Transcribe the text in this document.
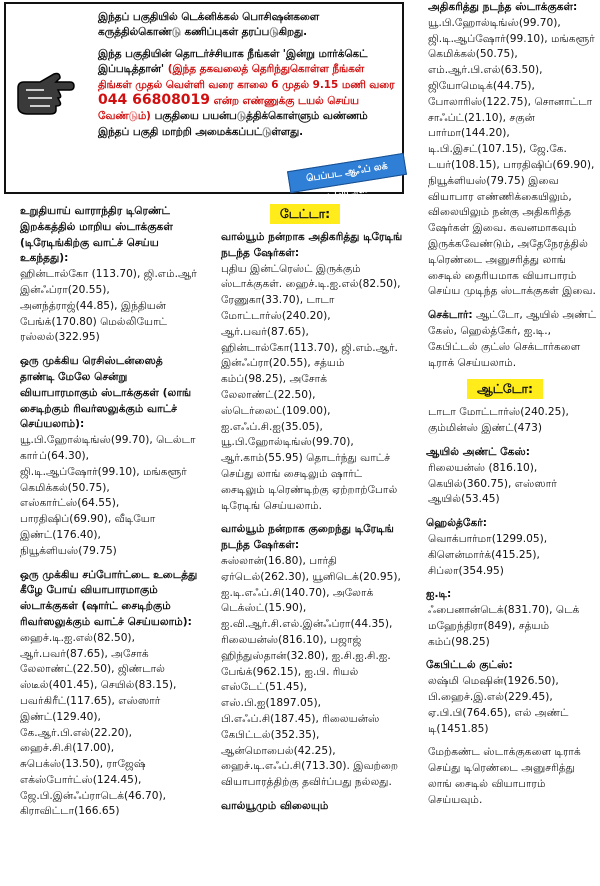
இந்தப் பகுதியில் டெக்னிக்கல் பொசிஷன்களை கருத்தில்கொண்டு கணிப்புகள் தரப்படுகிறது.

இந்த பகுதியின் தொடர்ச்சியாக நீங்கள் 'இன்று மார்க்கெட் இப்படித்தான்' (இந்த தகவலைத் தெரிந்துகொள்ள நீங்கள் திங்கள் முதல் வெள்ளி வரை காலை 6 முதல் 9.15 மணி வரை 044 66808019 என்ற எண்ணுக்கு டயல் செய்ய வேண்டும்) பகுதியை பயன்படுத்திக்கொள்ளும் வண்ணம் இந்தப் பகுதி மாற்றி அமைக்கப்பட்டுள்ளது.

பெப்பட ஆஃப் லக் டிரேடர்ஸ்!
உறுதியாய் வாராந்திர டிரெண்ட் இறக்கத்தில் மாறிய ஸ்டாக்குகள் (டிரேடிங்கிற்கு வாட்ச் செய்ய உகந்தது):
ஹின்டால்கோ (113.70), ஜி.எம்.ஆர் இன்ஃப்ரா(20.55), அனந்த்ராஜ்(44.85), இந்தியன் பேங்க்(170.80) மெல்லியோட் ரஸ்லல்(322.95)
ஒரு முக்கிய ரெசிஸ்டன்ஸைத் தாண்டி மேலே சென்று வியாபாரமாகும் ஸ்டாக்குகள் (லாங் சைடிற்கும் ரிவர்ஸலுக்கும் வாட்ச் செய்யலாம்):
யூ.பி.ஹோல்டிங்ஸ்(99.70), டெல்டா காா்ப்(64.30), ஜி.டி.ஆப்ஷோர்(99.10), மங்களூர் கெமிக்கல்(50.75), எஸ்கார்ட்ஸ்(64.55), பாரதிஷிப்(69.90), வீடியோ இண்ட்(176.40), நியூக்ளியஸ்(79.75)
ஒரு முக்கிய சப்போர்ட்டை உடைத்து கீழே போய் வியாபாரமாகும் ஸ்டாக்குகள் (ஷார்ட் சைடிற்கும் ரிவர்ஸலுக்கும் வாட்ச் செய்யலாம்):
ஹைச்.டி.ஐ.எல்(82.50), ஆர்.பவர்(87.65), அசோக் லேலாண்ட்(22.50), ஜிண்டால் ஸ்டீல்(401.45), செயில்(83.15), பவர்கிரீட்(117.65), எஸ்ஸார் இண்ட்(129.40), கே.ஆர்.பி.எல்(22.20), ஹைச்.சி.சி(17.00), சுபெக்ஸ்(13.50), ராஜேஷ் எக்ஸ்போர்ட்ஸ்(124.45), ஜே.பி.இன்ஃப்ராடெக்(46.70), கிராவிட்டா(166.65)
டேட்டா:
வால்யூம் நன்றாக அதிகரித்து டிரேடிங் நடந்த ஷேர்கள்:
புதிய இன்ட்ரெஸ்ட் இருக்கும் ஸ்டாக்குகள். ஹைச்.டி.ஐ.எல்(82.50), ரேணுகா(33.70), டாடா மோட்டார்ஸ்(240.20), ஆர்.பவர்(87.65), ஹின்டால்கோ(113.70), ஜி.எம்.ஆர். இன்ஃப்ரா(20.55), சத்யம் கம்ப்(98.25), அசோக் லேலாண்ட்(22.50), ஸ்டெர்லைட்(109.00), ஐ.எஃப்.சி.ஐ(35.05), யூ.பி.ஹோல்டிங்ஸ்(99.70), ஆர்.காம்(55.95) தொடர்ந்து வாட்ச் செய்து லாங் சைடிலும் ஷார்ட் சைடிலும் டிரெண்டிற்கு ஏற்றாற்போல் டிரேடிங் செய்யலாம்.
வால்யூம் நன்றாக குறைந்து டிரேடிங் நடந்த ஷேர்கள்:
சுஸ்லான்(16.80), பார்தி ஏர்டெல்(262.30), யூனிடெக்(20.95), ஐ.டி.எஃப்.சி(140.70), அலோக் டெக்ஸ்ட்(15.90), ஐ.வி.ஆர்.சி.எல்.இன்ஃப்ரா(44.35), ரிலையன்ஸ்(816.10), பஜாஜ் ஹிந்துஸ்தான்(32.80), ஐ.சி.ஐ.சி.ஐ. பேங்க்(962.15), ஐ.பி. ரியல் எஸ்டேட்(51.45), எஸ்.பி.ஐ(1897.05), பி.எஃப்.சி(187.45), ரிலையன்ஸ் கேபிட்டல்(352.35), ஆன்மொபைல்(42.25), ஹைச்.டி.எஃப்.சி(713.30). இவற்றை வியாபாரத்திற்கு தவிர்ப்பது நல்லது.
வால்யூமும் விலையும்
அதிகரித்து நடந்த ஸ்டாக்குகள்:
யூ.பி.ஹோல்டிங்ஸ்(99.70), ஜி.டி.ஆப்ஷோர்(99.10), மங்களூர் கெமிக்கல்(50.75), எம்.ஆர்.பி.எல்(63.50), ஜியோமெடிக்(44.75), போலாரிஸ்(122.75), சொனாட்டா சாஃப்ட்(21.10), சகுன் பார்மா(144.20), டி.பி.இசட்(107.15), ஜே.கே. டயர்(108.15), பாரதிஷிப்(69.90), நியூக்ளியஸ்(79.75) இவை வியாபார எண்ணிக்கையிலும், விலையிலும் நன்கு அதிகரித்த ஷேர்கள் இவை. கவனமாகவும் இருக்கவேண்டும், அதேநேரத்தில் டிரெண்டை அனுசரித்து லாங் சைடில் தைரியமாக வியாபாரம் செய்ய முடிந்த ஸ்டாக்குகள் இவை.
செக்டார்: ஆட்டோ, ஆயில் அண்ட் கேஸ், ஹெல்த்கேர், ஐ.டி., கேபிட்டல் குட்ஸ் செக்டார்களை டிராக் செய்யலாம்.
ஆட்டோ:
டாடா மோட்டார்ஸ்(240.25), கும்மின்ஸ் இண்ட்(473)
ஆயில் அண்ட் கேஸ்:
ரிலையன்ஸ் (816.10), கெயில்(360.75), எஸ்ஸார் ஆயில்(53.45)
ஹெல்த்கேர்:
வொக்பார்மா(1299.05), கிளென்மார்க்(415.25), சிப்லா(354.95)
ஐ.டி:
ஃபைனான்டெக்(831.70), டெக் மஹேந்திரா(849), சத்யம் கம்ப்(98.25)
கேபிட்டல் குட்ஸ்:
லஷ்மி மெஷின்(1926.50), பி.ஹைச்.இ.எல்(229.45), ஏ.பி.பி(764.65), எல் அண்ட் டி(1451.85)
மேற்கண்ட ஸ்டாக்குகளை டிராக் செய்து டிரெண்டை அனுசரித்து லாங் சைடில் வியாபாரம் செய்யவும்.
